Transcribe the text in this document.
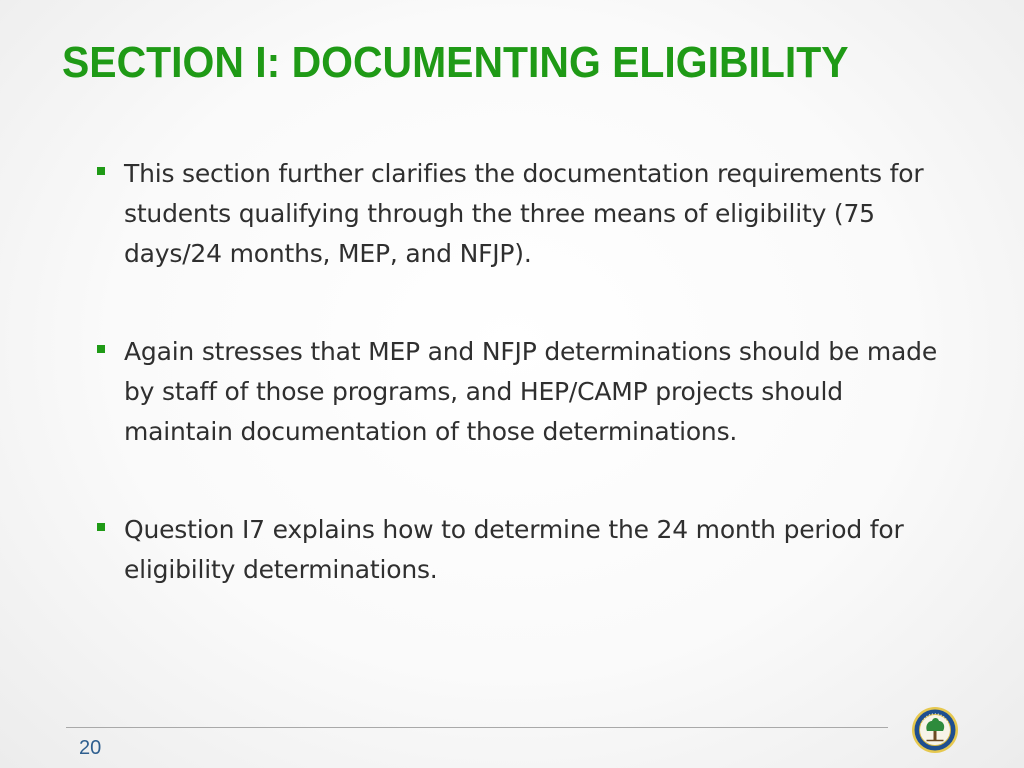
SECTION I: DOCUMENTING ELIGIBILITY
This section further clarifies the documentation requirements for students qualifying through the three means of eligibility (75 days/24 months, MEP, and NFJP).
Again stresses that MEP and NFJP determinations should be made by staff of those programs, and HEP/CAMP projects should maintain documentation of those determinations.
Question I7 explains how to determine the 24 month period for eligibility determinations.
20
